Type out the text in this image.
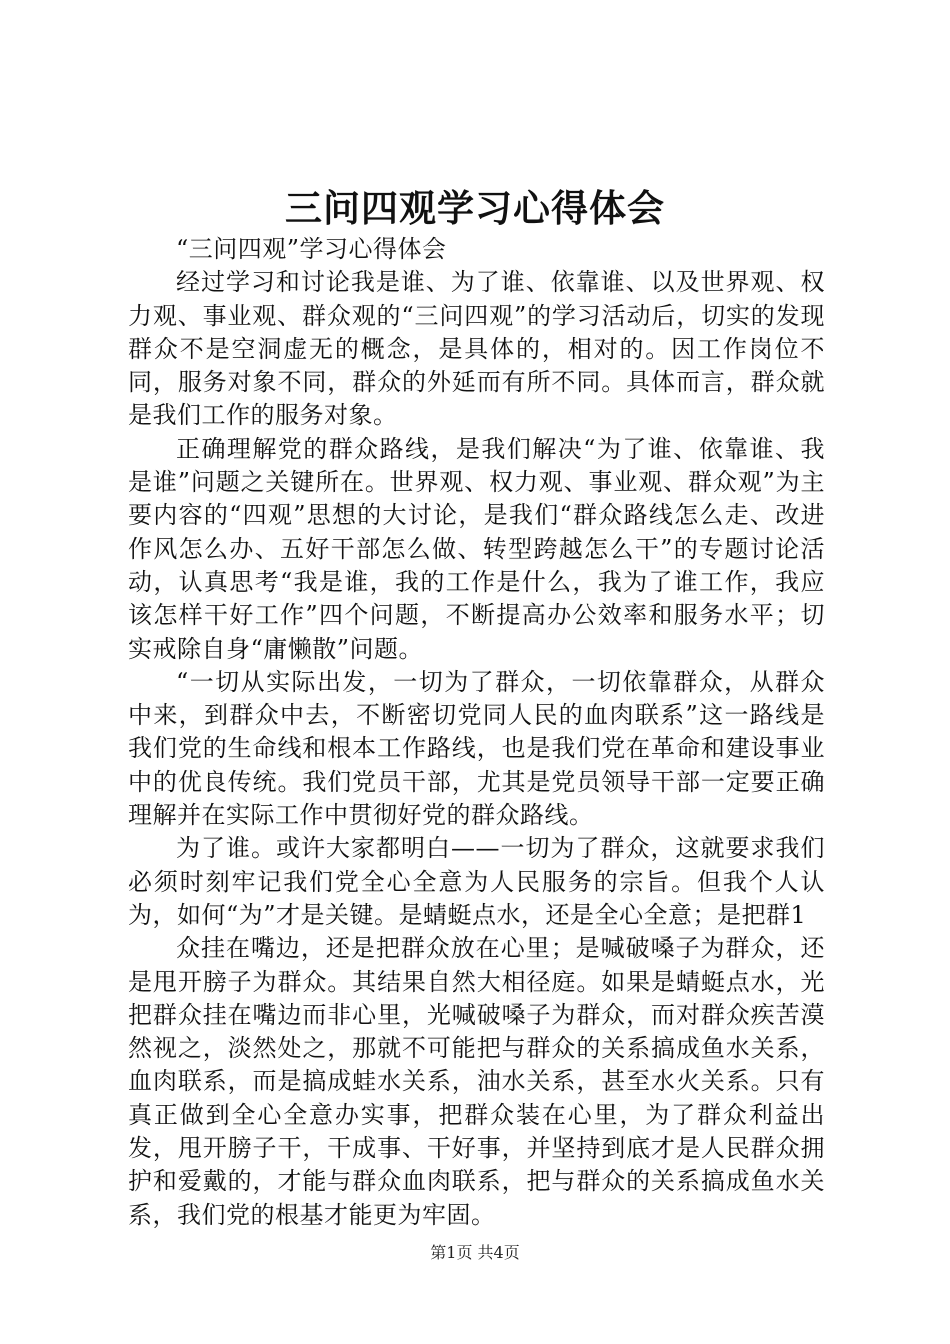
三问四观学习心得体会

“三问四观”学习心得体会

经过学习和讨论我是谁、为了谁、依靠谁、以及世界观、权力观、事业观、群众观的“三问四观”的学习活动后，切实的发现群众不是空洞虚无的概念，是具体的，相对的。因工作岗位不同，服务对象不同，群众的外延而有所不同。具体而言，群众就是我们工作的服务对象。

正确理解党的群众路线，是我们解决“为了谁、依靠谁、我是谁”问题之关键所在。世界观、权力观、事业观、群众观”为主要内容的“四观”思想的大讨论，是我们“群众路线怎么走、改进作风怎么办、五好干部怎么做、转型跨越怎么干”的专题讨论活动，认真思考“我是谁，我的工作是什么，我为了谁工作，我应该怎样干好工作”四个问题，不断提高办公效率和服务水平；切实戒除自身“庸懒散”问题。

“一切从实际出发，一切为了群众，一切依靠群众，从群众中来，到群众中去，不断密切党同人民的血肉联系”这一路线是我们党的生命线和根本工作路线，也是我们党在革命和建设事业中的优良传统。我们党员干部，尤其是党员领导干部一定要正确理解并在实际工作中贯彻好党的群众路线。

为了谁。或许大家都明白——一切为了群众，这就要求我们必须时刻牢记我们党全心全意为人民服务的宗旨。但我个人认为，如何“为”才是关键。是蜻蜓点水，还是全心全意；是把群1

众挂在嘴边，还是把群众放在心里；是喊破嗓子为群众，还是甩开膀子为群众。其结果自然大相径庭。如果是蜻蜓点水，光把群众挂在嘴边而非心里，光喊破嗓子为群众，而对群众疾苦漠然视之，淡然处之，那就不可能把与群众的关系搞成鱼水关系，血肉联系，而是搞成蛙水关系，油水关系，甚至水火关系。只有真正做到全心全意办实事，把群众装在心里，为了群众利益出发，甩开膀子干，干成事、干好事，并坚持到底才是人民群众拥护和爱戴的，才能与群众血肉联系，把与群众的关系搞成鱼水关系，我们党的根基才能更为牢固。

第1页 共4页
